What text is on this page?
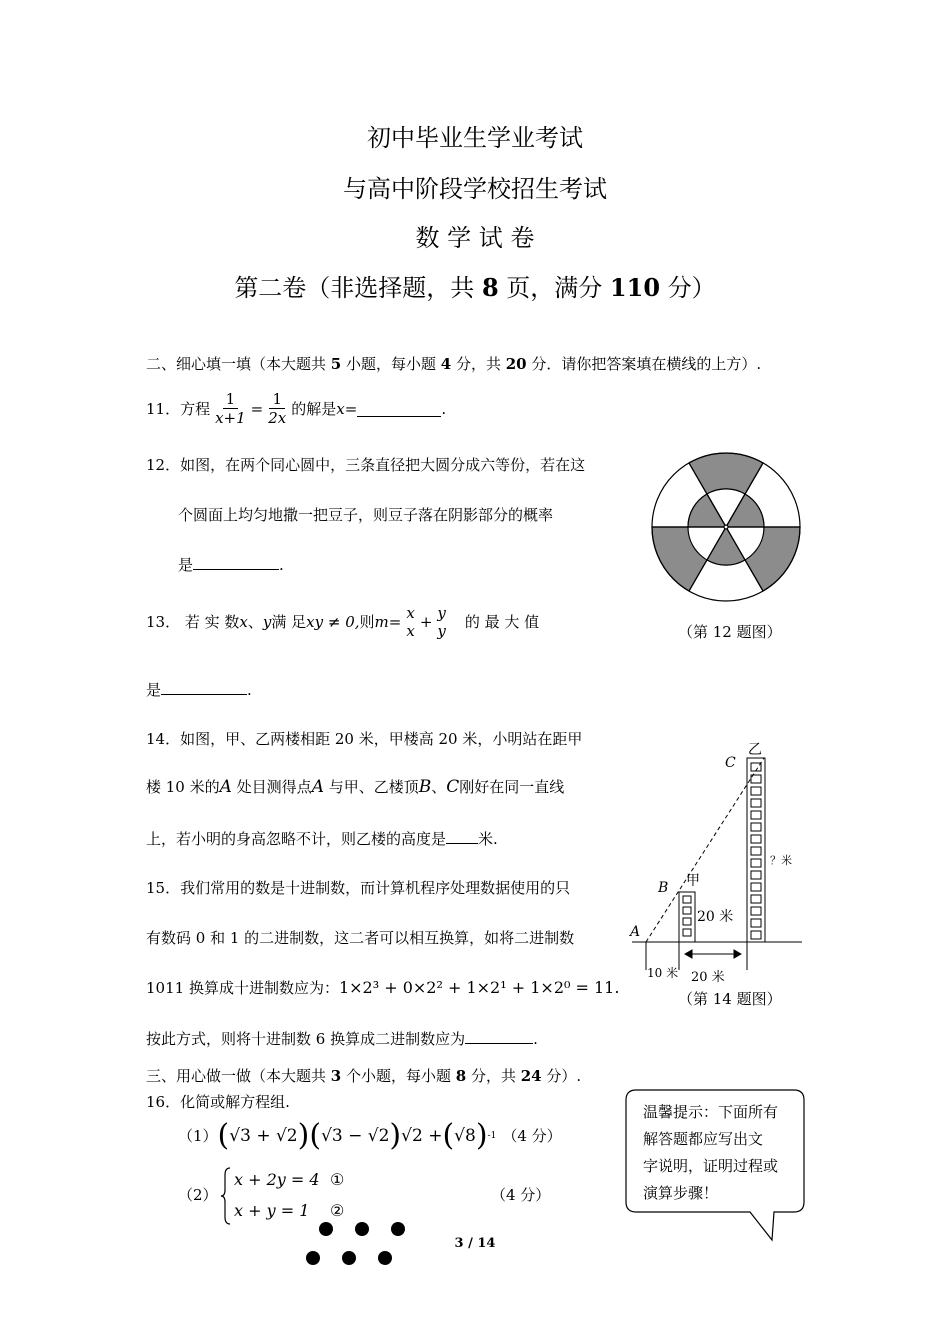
初中毕业生学业考试
与高中阶段学校招生考试
数 学 试 卷
第二卷（非选择题，共 8 页，满分 110 分）
二、细心填一填（本大题共 5 小题，每小题 4 分，共 20 分．请你把答案填在横线的上方）.
11．方程 $\frac{1}{x+1} = \frac{1}{2x}$ 的解是 x =	.
12．如图，在两个同心圆中，三条直径把大圆分成六等份，若在这
个圆面上均匀地撒一把豆子，则豆子落在阴影部分的概率
是	.
（第 12 题图）
13． 若 实 数 x 、 y 满 足 xy ≠ 0, 则 m = x
x + y
y 的 最 大 值
是	.
14．如图，甲、乙两楼相距 20 米，甲楼高 20 米，小明站在距甲
楼 10 米的A 处目测得点A 与甲、乙楼顶B、C刚好在同一直线
上，若小明的身高忽略不计，则乙楼的高度是 米.
乙
C
甲
B
A
20 米
？米
10 米 20 米
（第 14 题图）
15．我们常用的数是十进制数，而计算机程序处理数据使用的只
有数码 0 和 1 的二进制数，这二者可以相互换算，如将二进制数
1011 换算成十进制数应为：1×2³ + 0×2² + 1×2¹ + 1×2⁰ = 11.
按此方式，则将十进制数 6 换算成二进制数应为	.
三、用心做一做（本大题共 3 个小题，每小题 8 分，共 24 分）.
16．化简或解方程组.
（1） ( √3 + √2 ) ( √3 − √2 ) √2 + ( √8 ) -1 （4 分）
（2）
x + 2y = 4 ①
x + y = 1 ②
（4 分）
温馨提示：下面所有
解答题都应写出文
字说明，证明过程或
演算步骤！
3 / 14
